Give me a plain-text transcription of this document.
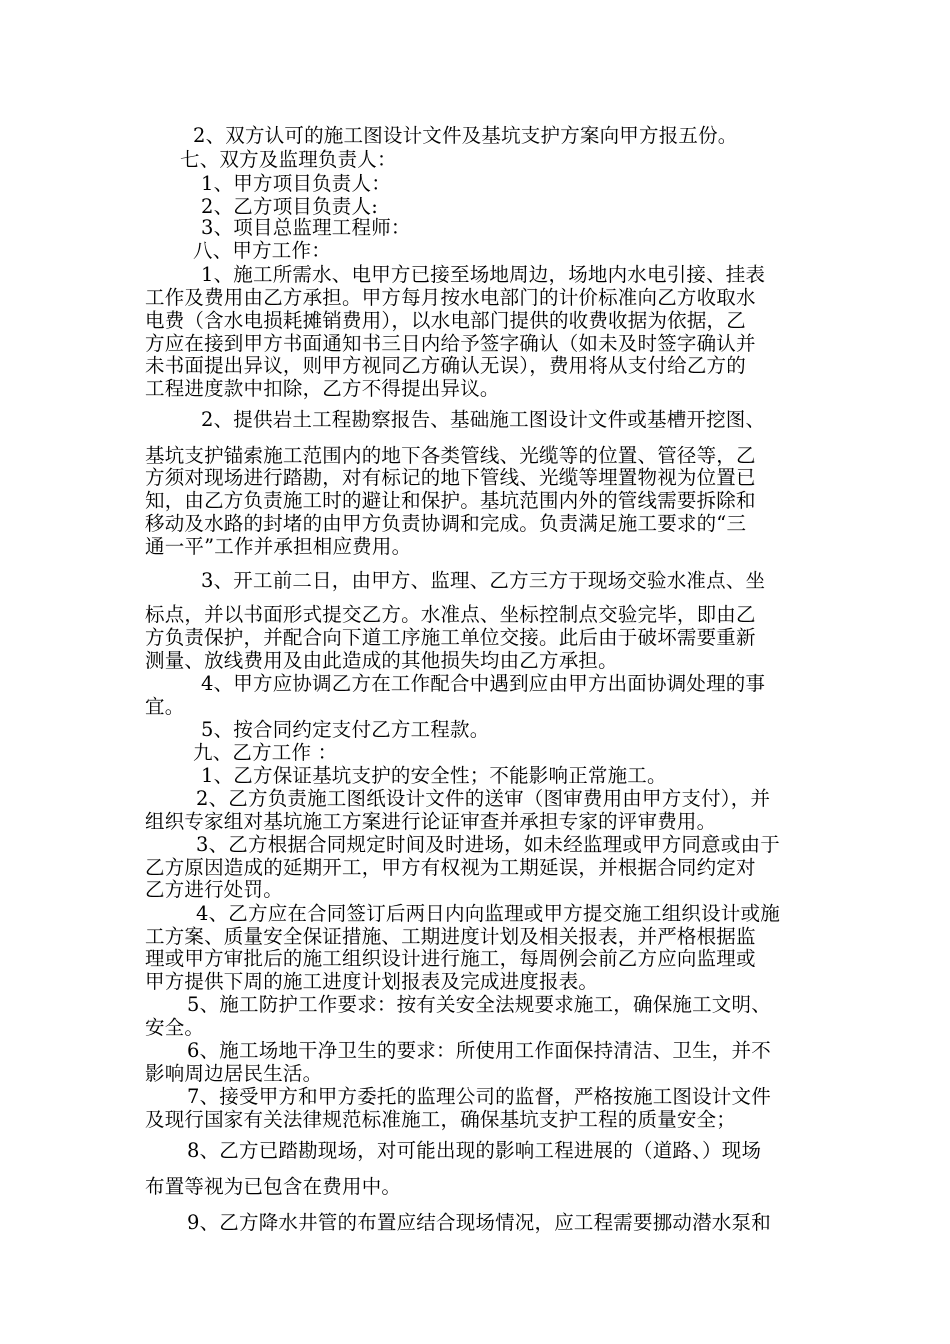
2、双方认可的施工图设计文件及基坑支护方案向甲方报五份。
七、双方及监理负责人：
1、甲方项目负责人：
2、乙方项目负责人:
3、项目总监理工程师：
八、甲方工作：
1、施工所需水、电甲方已接至场地周边，场地内水电引接、挂表
工作及费用由乙方承担。甲方每月按水电部门的计价标准向乙方收取水
电费（含水电损耗摊销费用），以水电部门提供的收费收据为依据，乙
方应在接到甲方书面通知书三日内给予签字确认（如未及时签字确认并
未书面提出异议，则甲方视同乙方确认无误），费用将从支付给乙方的
工程进度款中扣除，乙方不得提出异议。
2、提供岩土工程勘察报告、基础施工图设计文件或基槽开挖图、
基坑支护锚索施工范围内的地下各类管线、光缆等的位置、管径等，乙
方须对现场进行踏勘，对有标记的地下管线、光缆等埋置物视为位置已
知，由乙方负责施工时的避让和保护。基坑范围内外的管线需要拆除和
移动及水路的封堵的由甲方负责协调和完成。负责满足施工要求的“三
通一平”工作并承担相应费用。
3、开工前二日，由甲方、监理、乙方三方于现场交验水准点、坐
标点，并以书面形式提交乙方。水准点、坐标控制点交验完毕，即由乙
方负责保护，并配合向下道工序施工单位交接。此后由于破坏需要重新
测量、放线费用及由此造成的其他损失均由乙方承担。
4、甲方应协调乙方在工作配合中遇到应由甲方出面协调处理的事
宜。
5、按合同约定支付乙方工程款。
九、乙方工作 ：
1、乙方保证基坑支护的安全性；不能影响正常施工。
2、乙方负责施工图纸设计文件的送审（图审费用由甲方支付），并
组织专家组对基坑施工方案进行论证审查并承担专家的评审费用。
3、乙方根据合同规定时间及时进场，如未经监理或甲方同意或由于
乙方原因造成的延期开工，甲方有权视为工期延误，并根据合同约定对
乙方进行处罚。
4、乙方应在合同签订后两日内向监理或甲方提交施工组织设计或施
工方案、质量安全保证措施、工期进度计划及相关报表，并严格根据监
理或甲方审批后的施工组织设计进行施工，每周例会前乙方应向监理或
甲方提供下周的施工进度计划报表及完成进度报表。
5、施工防护工作要求：按有关安全法规要求施工，确保施工文明、
安全。
6、施工场地干净卫生的要求：所使用工作面保持清洁、卫生，并不
影响周边居民生活。
7、接受甲方和甲方委托的监理公司的监督，严格按施工图设计文件
及现行国家有关法律规范标准施工，确保基坑支护工程的质量安全；
8、乙方已踏勘现场，对可能出现的影响工程进展的（道路、）现场
布置等视为已包含在费用中。
9、乙方降水井管的布置应结合现场情况，应工程需要挪动潜水泵和
